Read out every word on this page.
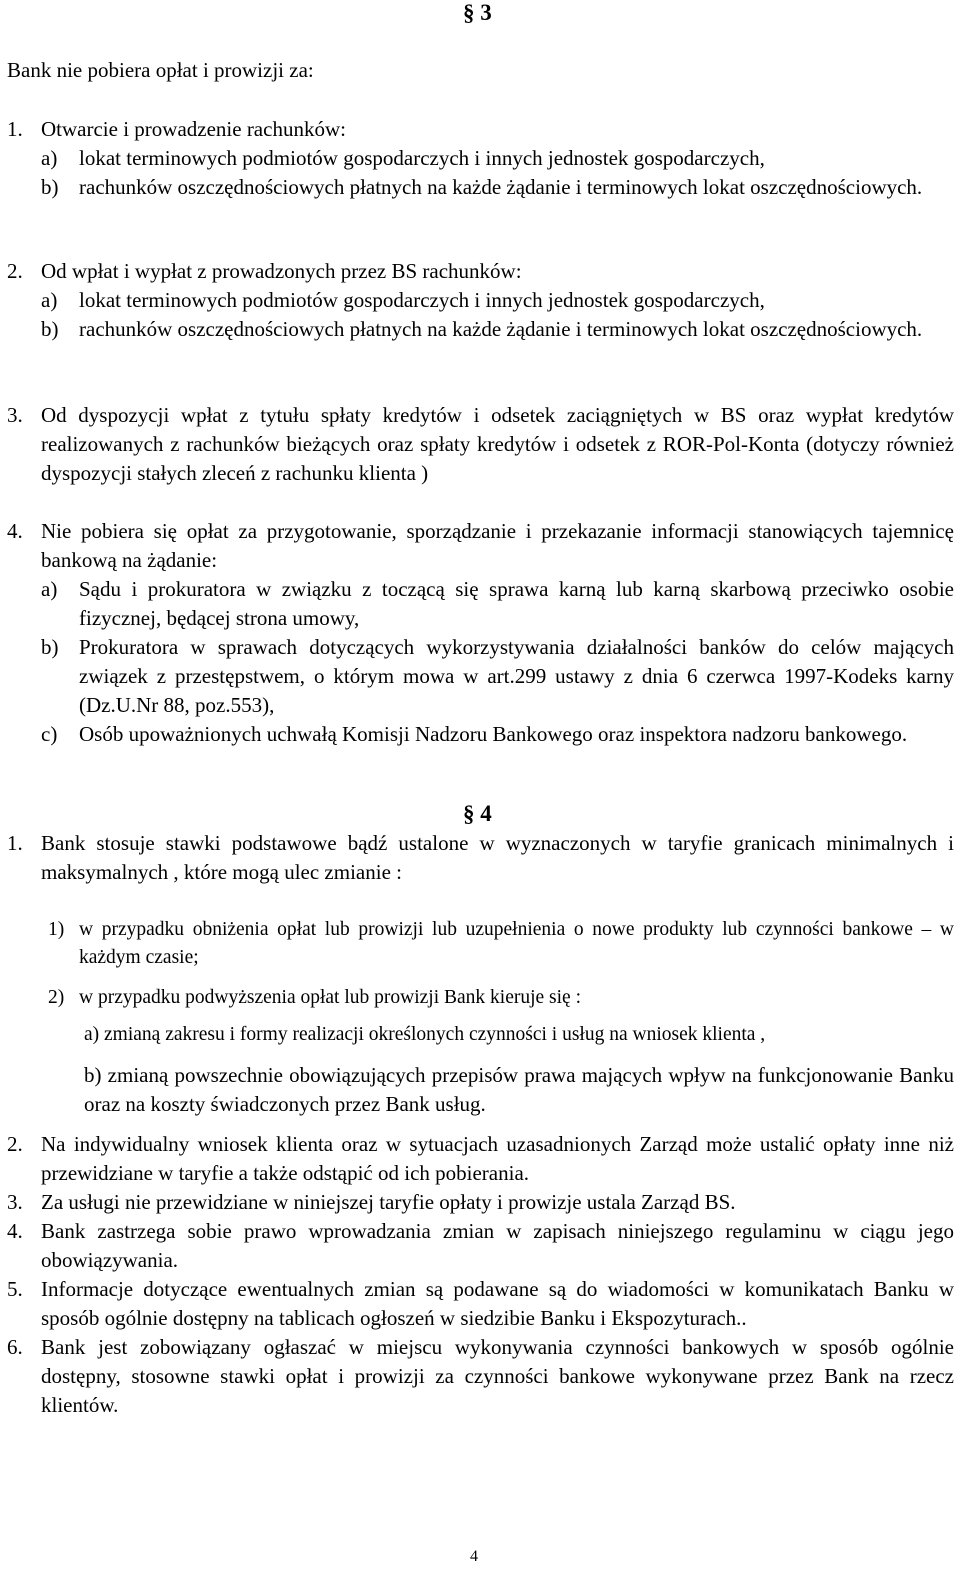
§ 3
Bank nie pobiera opłat i prowizji za:
1. Otwarcie i prowadzenie rachunków:
a) lokat terminowych podmiotów gospodarczych i innych jednostek gospodarczych,
b) rachunków oszczędnościowych płatnych na każde żądanie i terminowych lokat oszczędnościowych.
2. Od wpłat i wypłat z prowadzonych przez BS rachunków:
a) lokat terminowych podmiotów gospodarczych i innych jednostek gospodarczych,
b) rachunków oszczędnościowych płatnych na każde żądanie i terminowych lokat oszczędnościowych.
3. Od dyspozycji wpłat z tytułu spłaty kredytów i odsetek zaciągniętych w BS oraz wypłat kredytów realizowanych z rachunków bieżących oraz spłaty kredytów i odsetek z ROR-Pol-Konta (dotyczy również dyspozycji stałych zleceń z rachunku klienta )
4. Nie pobiera się opłat za przygotowanie, sporządzanie i przekazanie informacji stanowiących tajemnicę bankową na żądanie:
a) Sądu i prokuratora w związku z toczącą się sprawa karną lub karną skarbową przeciwko osobie fizycznej, będącej strona umowy,
b) Prokuratora w sprawach dotyczących wykorzystywania działalności banków do celów mających związek z przestępstwem, o którym mowa w art.299 ustawy z dnia 6 czerwca 1997-Kodeks karny (Dz.U.Nr 88, poz.553),
c) Osób upoważnionych uchwałą Komisji Nadzoru Bankowego oraz inspektora nadzoru bankowego.
§ 4
1. Bank stosuje stawki podstawowe bądź ustalone w wyznaczonych w taryfie granicach minimalnych i maksymalnych , które mogą ulec zmianie :
1) w przypadku obniżenia opłat lub prowizji lub uzupełnienia o nowe produkty lub czynności bankowe – w każdym czasie;
2) w przypadku podwyższenia opłat lub prowizji Bank kieruje się :
a) zmianą zakresu i formy realizacji określonych czynności i usług na wniosek klienta ,
b) zmianą powszechnie obowiązujących przepisów prawa mających wpływ na funkcjonowanie Banku oraz na koszty świadczonych przez Bank usług.
2. Na indywidualny wniosek klienta oraz w sytuacjach uzasadnionych Zarząd może ustalić opłaty inne niż przewidziane w taryfie a także odstąpić od ich pobierania.
3. Za usługi nie przewidziane w niniejszej taryfie opłaty i prowizje ustala Zarząd BS.
4. Bank zastrzega sobie prawo wprowadzania zmian w zapisach niniejszego regulaminu w ciągu jego obowiązywania.
5. Informacje dotyczące ewentualnych zmian są podawane są do wiadomości w komunikatach Banku w sposób ogólnie dostępny na tablicach ogłoszeń w siedzibie Banku i Ekspozyturach..
6. Bank jest zobowiązany ogłaszać w miejscu wykonywania czynności bankowych w sposób ogólnie dostępny, stosowne stawki opłat i prowizji za czynności bankowe wykonywane przez Bank na rzecz klientów.
4
